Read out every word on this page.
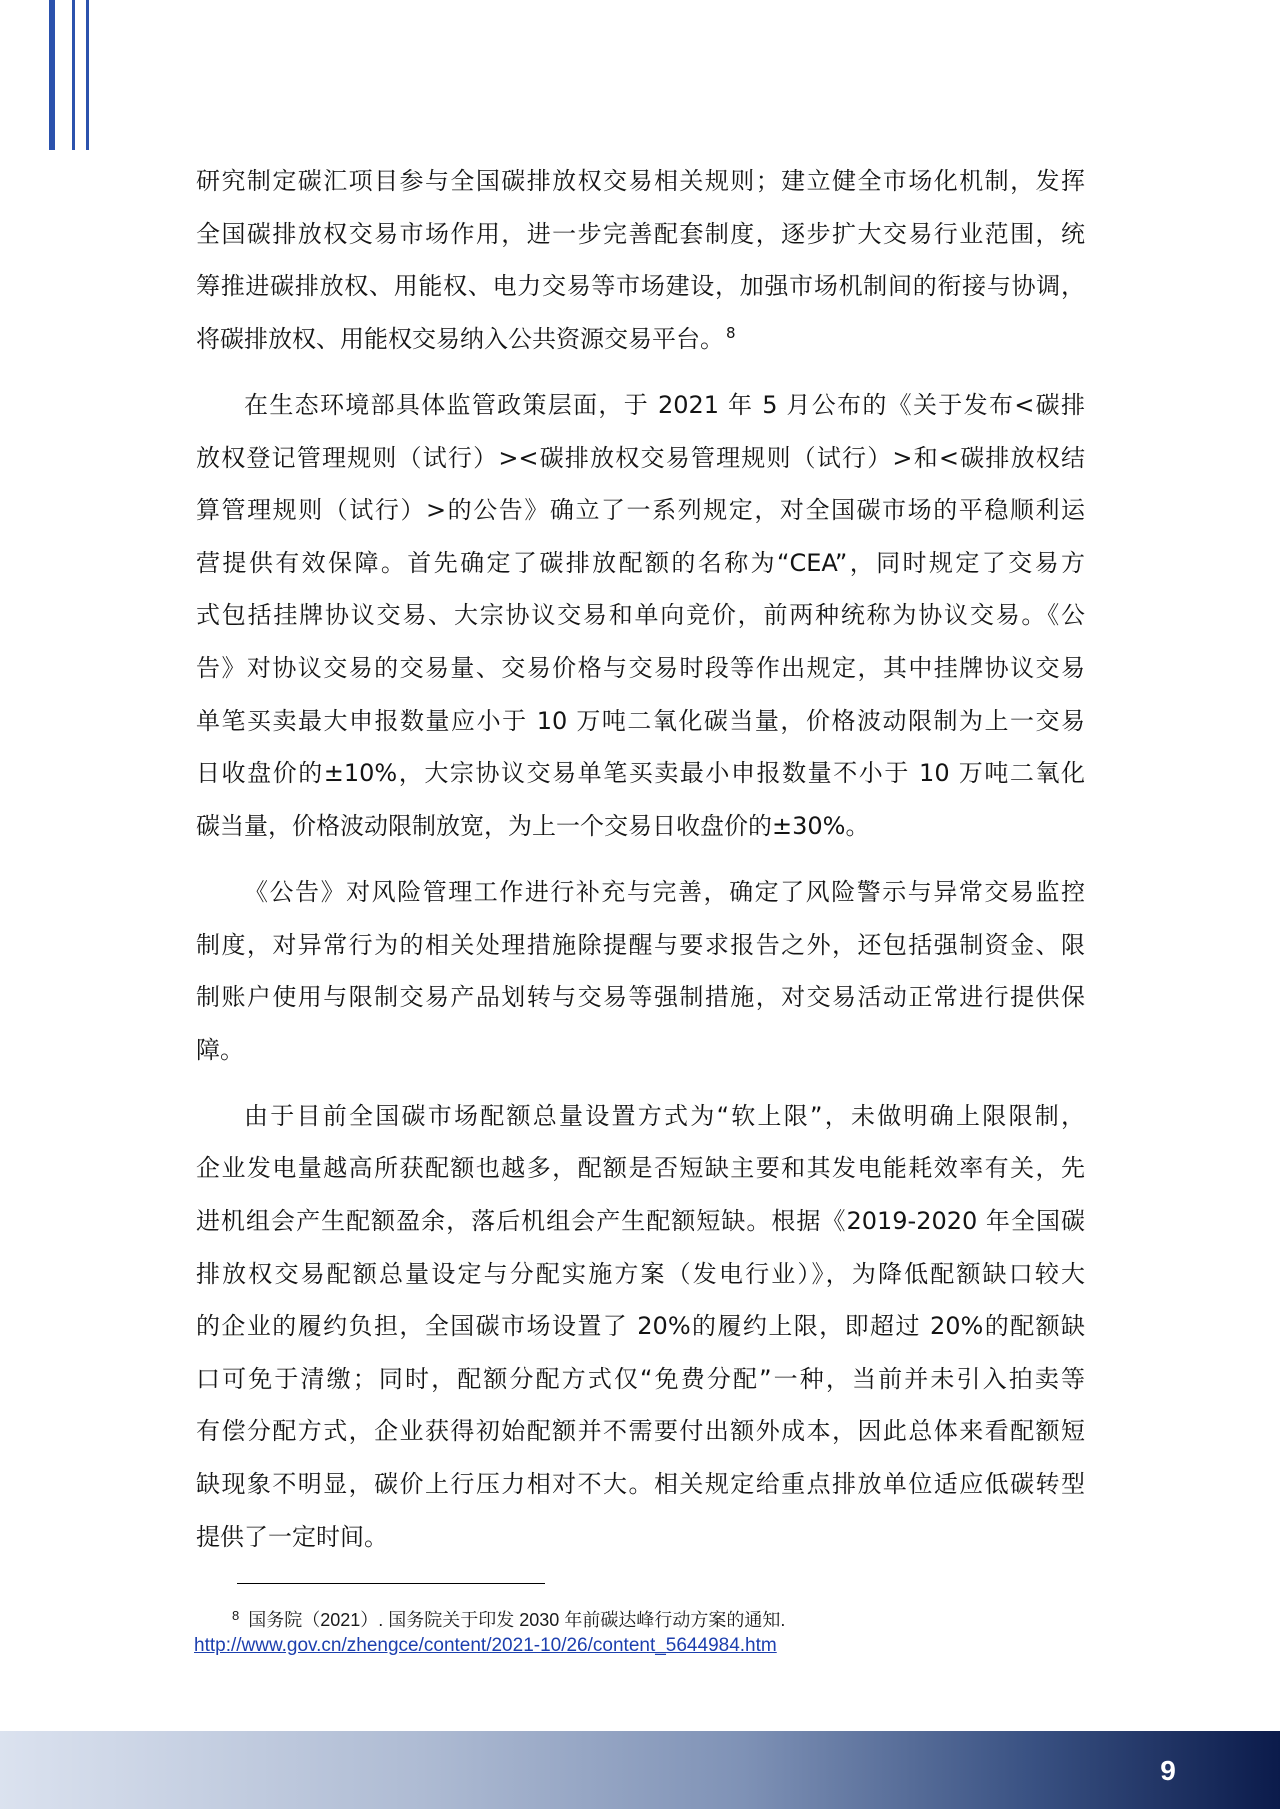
研究制定碳汇项目参与全国碳排放权交易相关规则；建立健全市场化机制，发挥
全国碳排放权交易市场作用，进一步完善配套制度，逐步扩大交易行业范围，统
筹推进碳排放权、用能权、电力交易等市场建设，加强市场机制间的衔接与协调，
将碳排放权、用能权交易纳入公共资源交易平台。 $^8$
在生态环境部具体监管政策层面，于 2021 年 5 月公布的《关于发布<碳排
放权登记管理规则（试行）><碳排放权交易管理规则（试行）>和<碳排放权结
算管理规则（试行）>的公告》确立了一系列规定，对全国碳市场的平稳顺利运
营提供有效保障。首先确定了碳排放配额的名称为“CEA”，同时规定了交易方
式包括挂牌协议交易、大宗协议交易和单向竞价，前两种统称为协议交易。《公
告》对协议交易的交易量、交易价格与交易时段等作出规定，其中挂牌协议交易
单笔买卖最大申报数量应小于 10 万吨二氧化碳当量，价格波动限制为上一交易
日收盘价的±10%，大宗协议交易单笔买卖最小申报数量不小于 10 万吨二氧化
碳当量，价格波动限制放宽，为上一个交易日收盘价的±30%。
《公告》对风险管理工作进行补充与完善，确定了风险警示与异常交易监控
制度，对异常行为的相关处理措施除提醒与要求报告之外，还包括强制资金、限
制账户使用与限制交易产品划转与交易等强制措施，对交易活动正常进行提供保
障。
由于目前全国碳市场配额总量设置方式为“软上限”，未做明确上限限制，
企业发电量越高所获配额也越多，配额是否短缺主要和其发电能耗效率有关，先
进机组会产生配额盈余，落后机组会产生配额短缺。根据《2019-2020 年全国碳
排放权交易配额总量设定与分配实施方案（发电行业）》，为降低配额缺口较大
的企业的履约负担，全国碳市场设置了 20%的履约上限，即超过 20%的配额缺
口可免于清缴；同时，配额分配方式仅“免费分配”一种，当前并未引入拍卖等
有偿分配方式，企业获得初始配额并不需要付出额外成本，因此总体来看配额短
缺现象不明显，碳价上行压力相对不大。相关规定给重点排放单位适应低碳转型
提供了一定时间。
$^8$ 国务院（2021）. 国务院关于印发 2030 年前碳达峰行动方案的通知.
http://www.gov.cn/zhengce/content/2021-10/26/content_5644984.htm
9
